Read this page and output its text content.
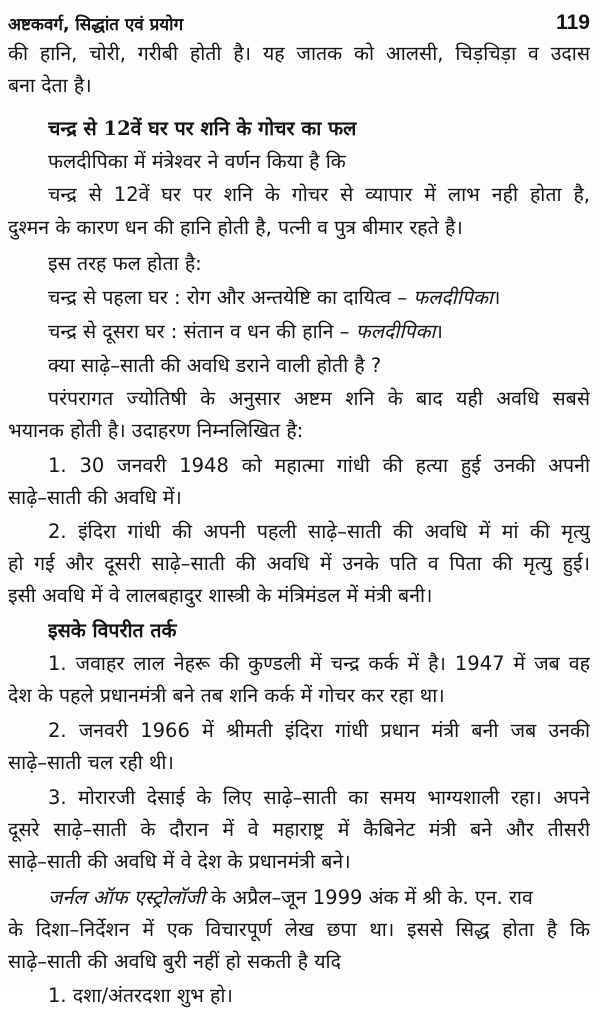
अष्टकवर्ग, सिद्धांत एवं प्रयोग	119
की हानि, चोरी, गरीबी होती है। यह जातक को आलसी, चिड़चिड़ा व उदास
बना देता है।
चन्द्र से 12वें घर पर शनि के गोचर का फल
फलदीपिका में मंत्रेश्वर ने वर्णन किया है कि
चन्द्र से 12वें घर पर शनि के गोचर से व्यापार में लाभ नही होता है,
दुश्मन के कारण धन की हानि होती है, पत्नी व पुत्र बीमार रहते है।
इस तरह फल होता है:
चन्द्र से पहला घर : रोग और अन्तयेष्टि का दायित्व – फलदीपिका।
चन्द्र से दूसरा घर : संतान व धन की हानि – फलदीपिका।
क्या साढ़े–साती की अवधि डराने वाली होती है ?
परंपरागत ज्योतिषी के अनुसार अष्टम शनि के बाद यही अवधि सबसे
भयानक होती है। उदाहरण निम्नलिखित है:
1. 30 जनवरी 1948 को महात्मा गांधी की हत्या हुई उनकी अपनी
साढ़े–साती की अवधि में।
2. इंदिरा गांधी की अपनी पहली साढ़े–साती की अवधि में मां की मृत्यु
हो गई और दूसरी साढ़े–साती की अवधि में उनके पति व पिता की मृत्यु हुई।
इसी अवधि में वे लालबहादुर शास्त्री के मंत्रिमंडल में मंत्री बनी।
इसके विपरीत तर्क
1. जवाहर लाल नेहरू की कुण्डली में चन्द्र कर्क में है। 1947 में जब वह
देश के पहले प्रधानमंत्री बने तब शनि कर्क में गोचर कर रहा था।
2. जनवरी 1966 में श्रीमती इंदिरा गांधी प्रधान मंत्री बनी जब उनकी
साढ़े–साती चल रही थी।
3. मोरारजी देसाई के लिए साढ़े–साती का समय भाग्यशाली रहा। अपने
दूसरे साढ़े–साती के दौरान में वे महाराष्ट्र में कैबिनेट मंत्री बने और तीसरी
साढ़े–साती की अवधि में वे देश के प्रधानमंत्री बने।
जर्नल ऑफ एस्ट्रोलॉजी के अप्रैल–जून 1999 अंक में श्री के. एन. राव
के दिशा–निर्देशन में एक विचारपूर्ण लेख छपा था। इससे सिद्ध होता है कि
साढ़े–साती की अवधि बुरी नहीं हो सकती है यदि
1. दशा/अंतरदशा शुभ हो।
